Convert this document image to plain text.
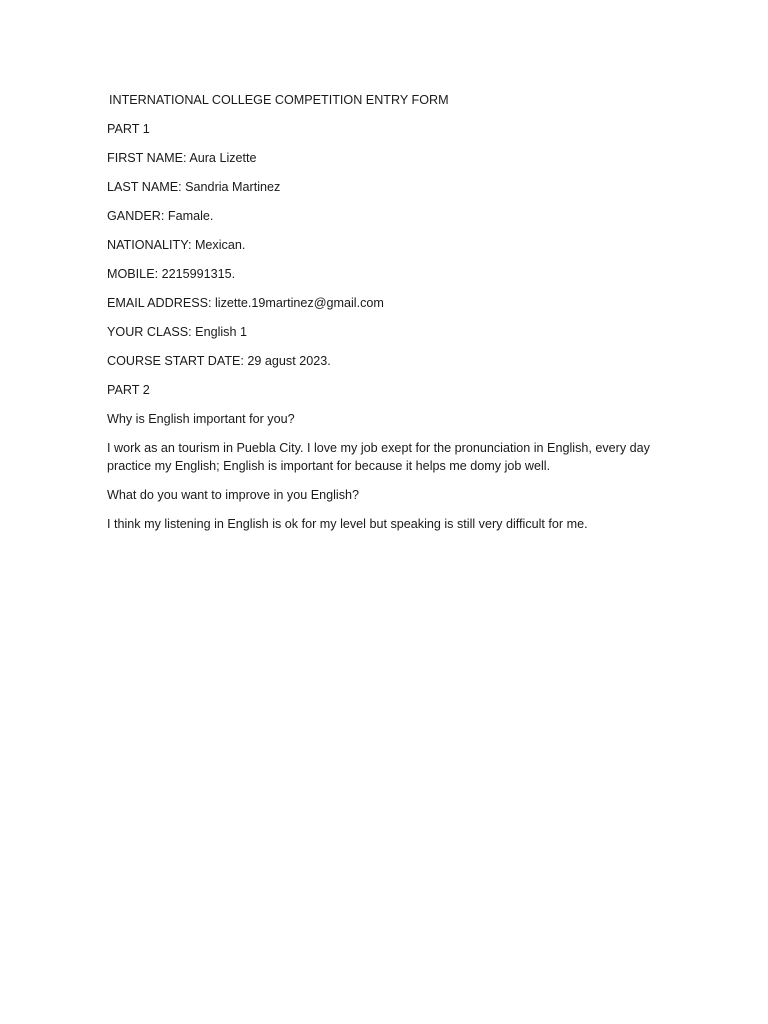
INTERNATIONAL COLLEGE COMPETITION ENTRY FORM

PART 1

FIRST NAME: Aura Lizette

LAST NAME: Sandria Martinez

GANDER: Famale.

NATIONALITY: Mexican.

MOBILE: 2215991315.

EMAIL ADDRESS: lizette.19martinez@gmail.com

YOUR CLASS: English 1

COURSE START DATE: 29 agust 2023.

PART 2

Why is English important for you?

I work as an tourism in Puebla City. I love my job exept for the pronunciation in English, every day practice my English; English is important for because it helps me domy job well.

What do you want to improve in you English?

I think my listening in English is ok for my level but speaking is still very difficult for me.
